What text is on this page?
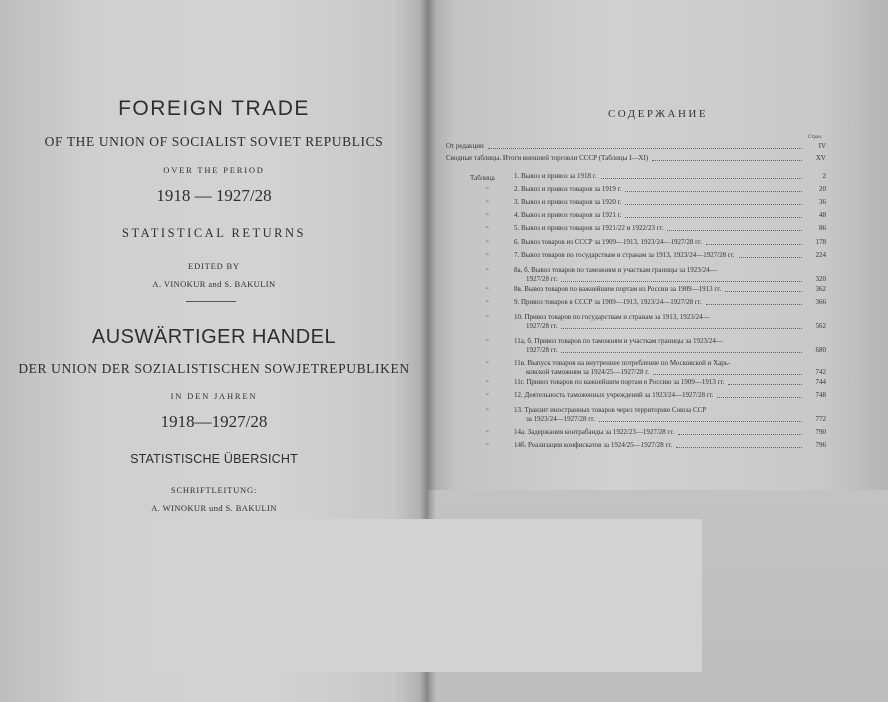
FOREIGN TRADE
OF THE UNION OF SOCIALIST SOVIET REPUBLICS
OVER THE PERIOD
1918 — 1927/28
STATISTICAL RETURNS
EDITED BY
A. VINOKUR and S. BAKULIN
AUSWÄRTIGER HANDEL
DER UNION DER SOZIALISTISCHEN SOWJETREPUBLIKEN
IN DEN JAHREN
1918—1927/28
STATISTISCHE ÜBERSICHT
SCHRIFTLEITUNG:
A. WINOKUR und S. BAKULIN
СОДЕРЖАНИЕ
Стран.
Таблица
От редакции	IV
Сводные таблицы. Итоги внешней торговли СССР (Таблицы I—XI)	XV
1. Вывоз и привоз за 1918 г.	2
„	2. Вывоз и привоз товаров за 1919 г.	20
„	3. Вывоз и привоз товаров за 1920 г.	36
„	4. Вывоз и привоз товаров за 1921 г.	48
„	5. Вывоз и привоз товаров за 1921/22 и 1922/23 гг.	86
„	6. Вывоз товаров из СССР за 1909—1913, 1923/24—1927/28 гг.	178
„	7. Вывоз товаров по государствам и странам за 1913, 1923/24—1927/28 гг.	224
„	8а, б. Вывоз товаров по таможням и участкам границы за 1923/24—
1927/28 гг.	320
„	8в. Вывоз товаров по важнейшим портам из России за 1909—1913 гг.	362
„	9. Привоз товаров в СССР за 1909—1913, 1923/24—1927/28 гг.	366
„	10. Привоз товаров по государствам и странам за 1913, 1923/24—
1927/28 гг.	562
„	11а, б. Привоз товаров по таможням и участкам границы за 1923/24—
1927/28 гг.	680
„	11в. Выпуск товаров на внутреннее потребление по Московской и Харь-
ковской таможням за 1924/25—1927/28 г.	742
„	11г. Привоз товаров по важнейшим портам в Россию за 1909—1913 гг.	744
„	12. Деятельность таможенных учреждений за 1923/24—1927/28 гг.	748
„	13. Транзит иностранных товаров через территорию Союза ССР
за 1923/24—1927/28 гг.	772
„	14а. Задержания контрабанды за 1922/23—1927/28 гг.	790
„	14б. Реализация конфискатов за 1924/25—1927/28 гг.	796
